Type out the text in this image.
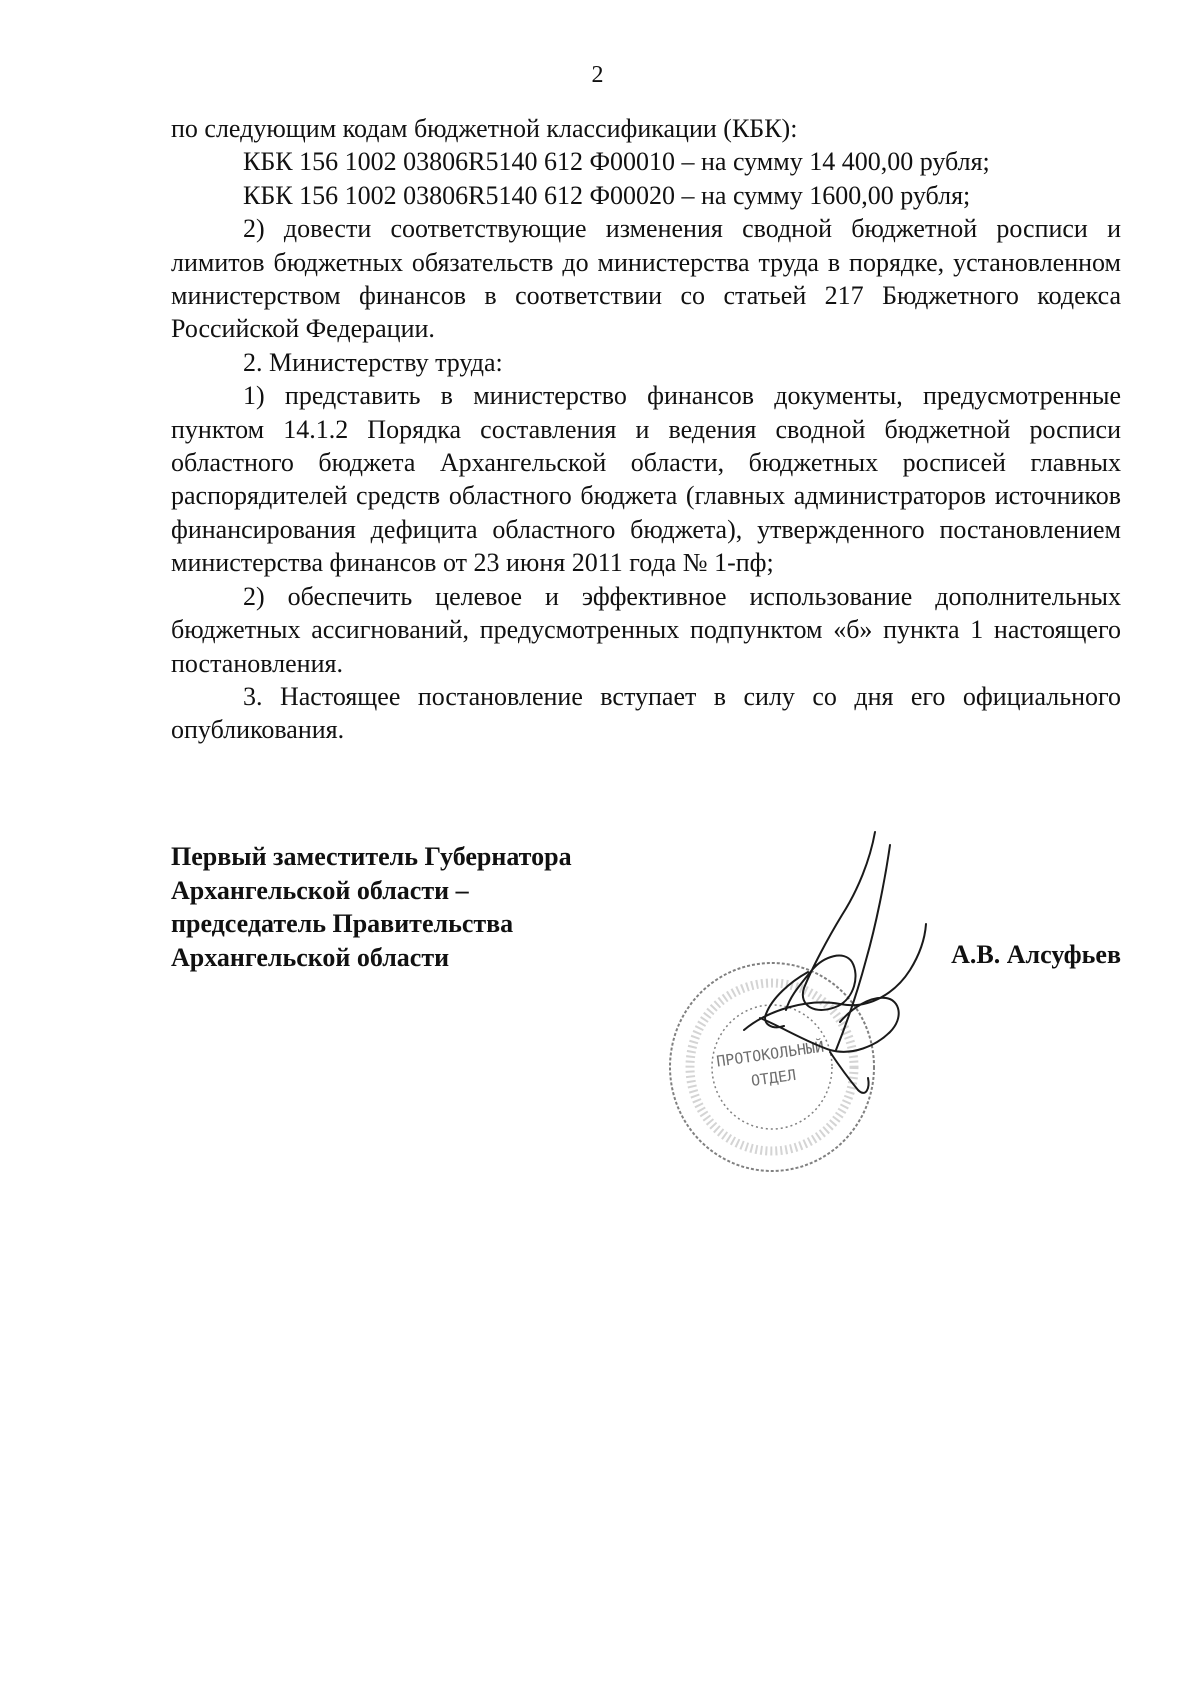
2

по следующим кодам бюджетной классификации (КБК):

КБК 156 1002 03806R5140 612 Ф00010 – на сумму 14 400,00 рубля;

КБК 156 1002 03806R5140 612 Ф00020 – на сумму 1600,00 рубля;

2) довести соответствующие изменения сводной бюджетной росписи и лимитов бюджетных обязательств до министерства труда в порядке, установленном министерством финансов в соответствии со статьей 217 Бюджетного кодекса Российской Федерации.

2. Министерству труда:

1) представить в министерство финансов документы, предусмотренные пунктом 14.1.2 Порядка составления и ведения сводной бюджетной росписи областного бюджета Архангельской области, бюджетных росписей главных распорядителей средств областного бюджета (главных администраторов источников финансирования дефицита областного бюджета), утвержденного постановлением министерства финансов от 23 июня 2011 года № 1-пф;

2) обеспечить целевое и эффективное использование дополнительных бюджетных ассигнований, предусмотренных подпунктом «б» пункта 1 настоящего постановления.

3. Настоящее постановление вступает в силу со дня его официального опубликования.

Первый заместитель Губернатора
Архангельской области –
председатель Правительства
Архангельской области	А.В. Алсуфьев
ПРОТОКОЛЬНЫЙ
ОТДЕЛ
